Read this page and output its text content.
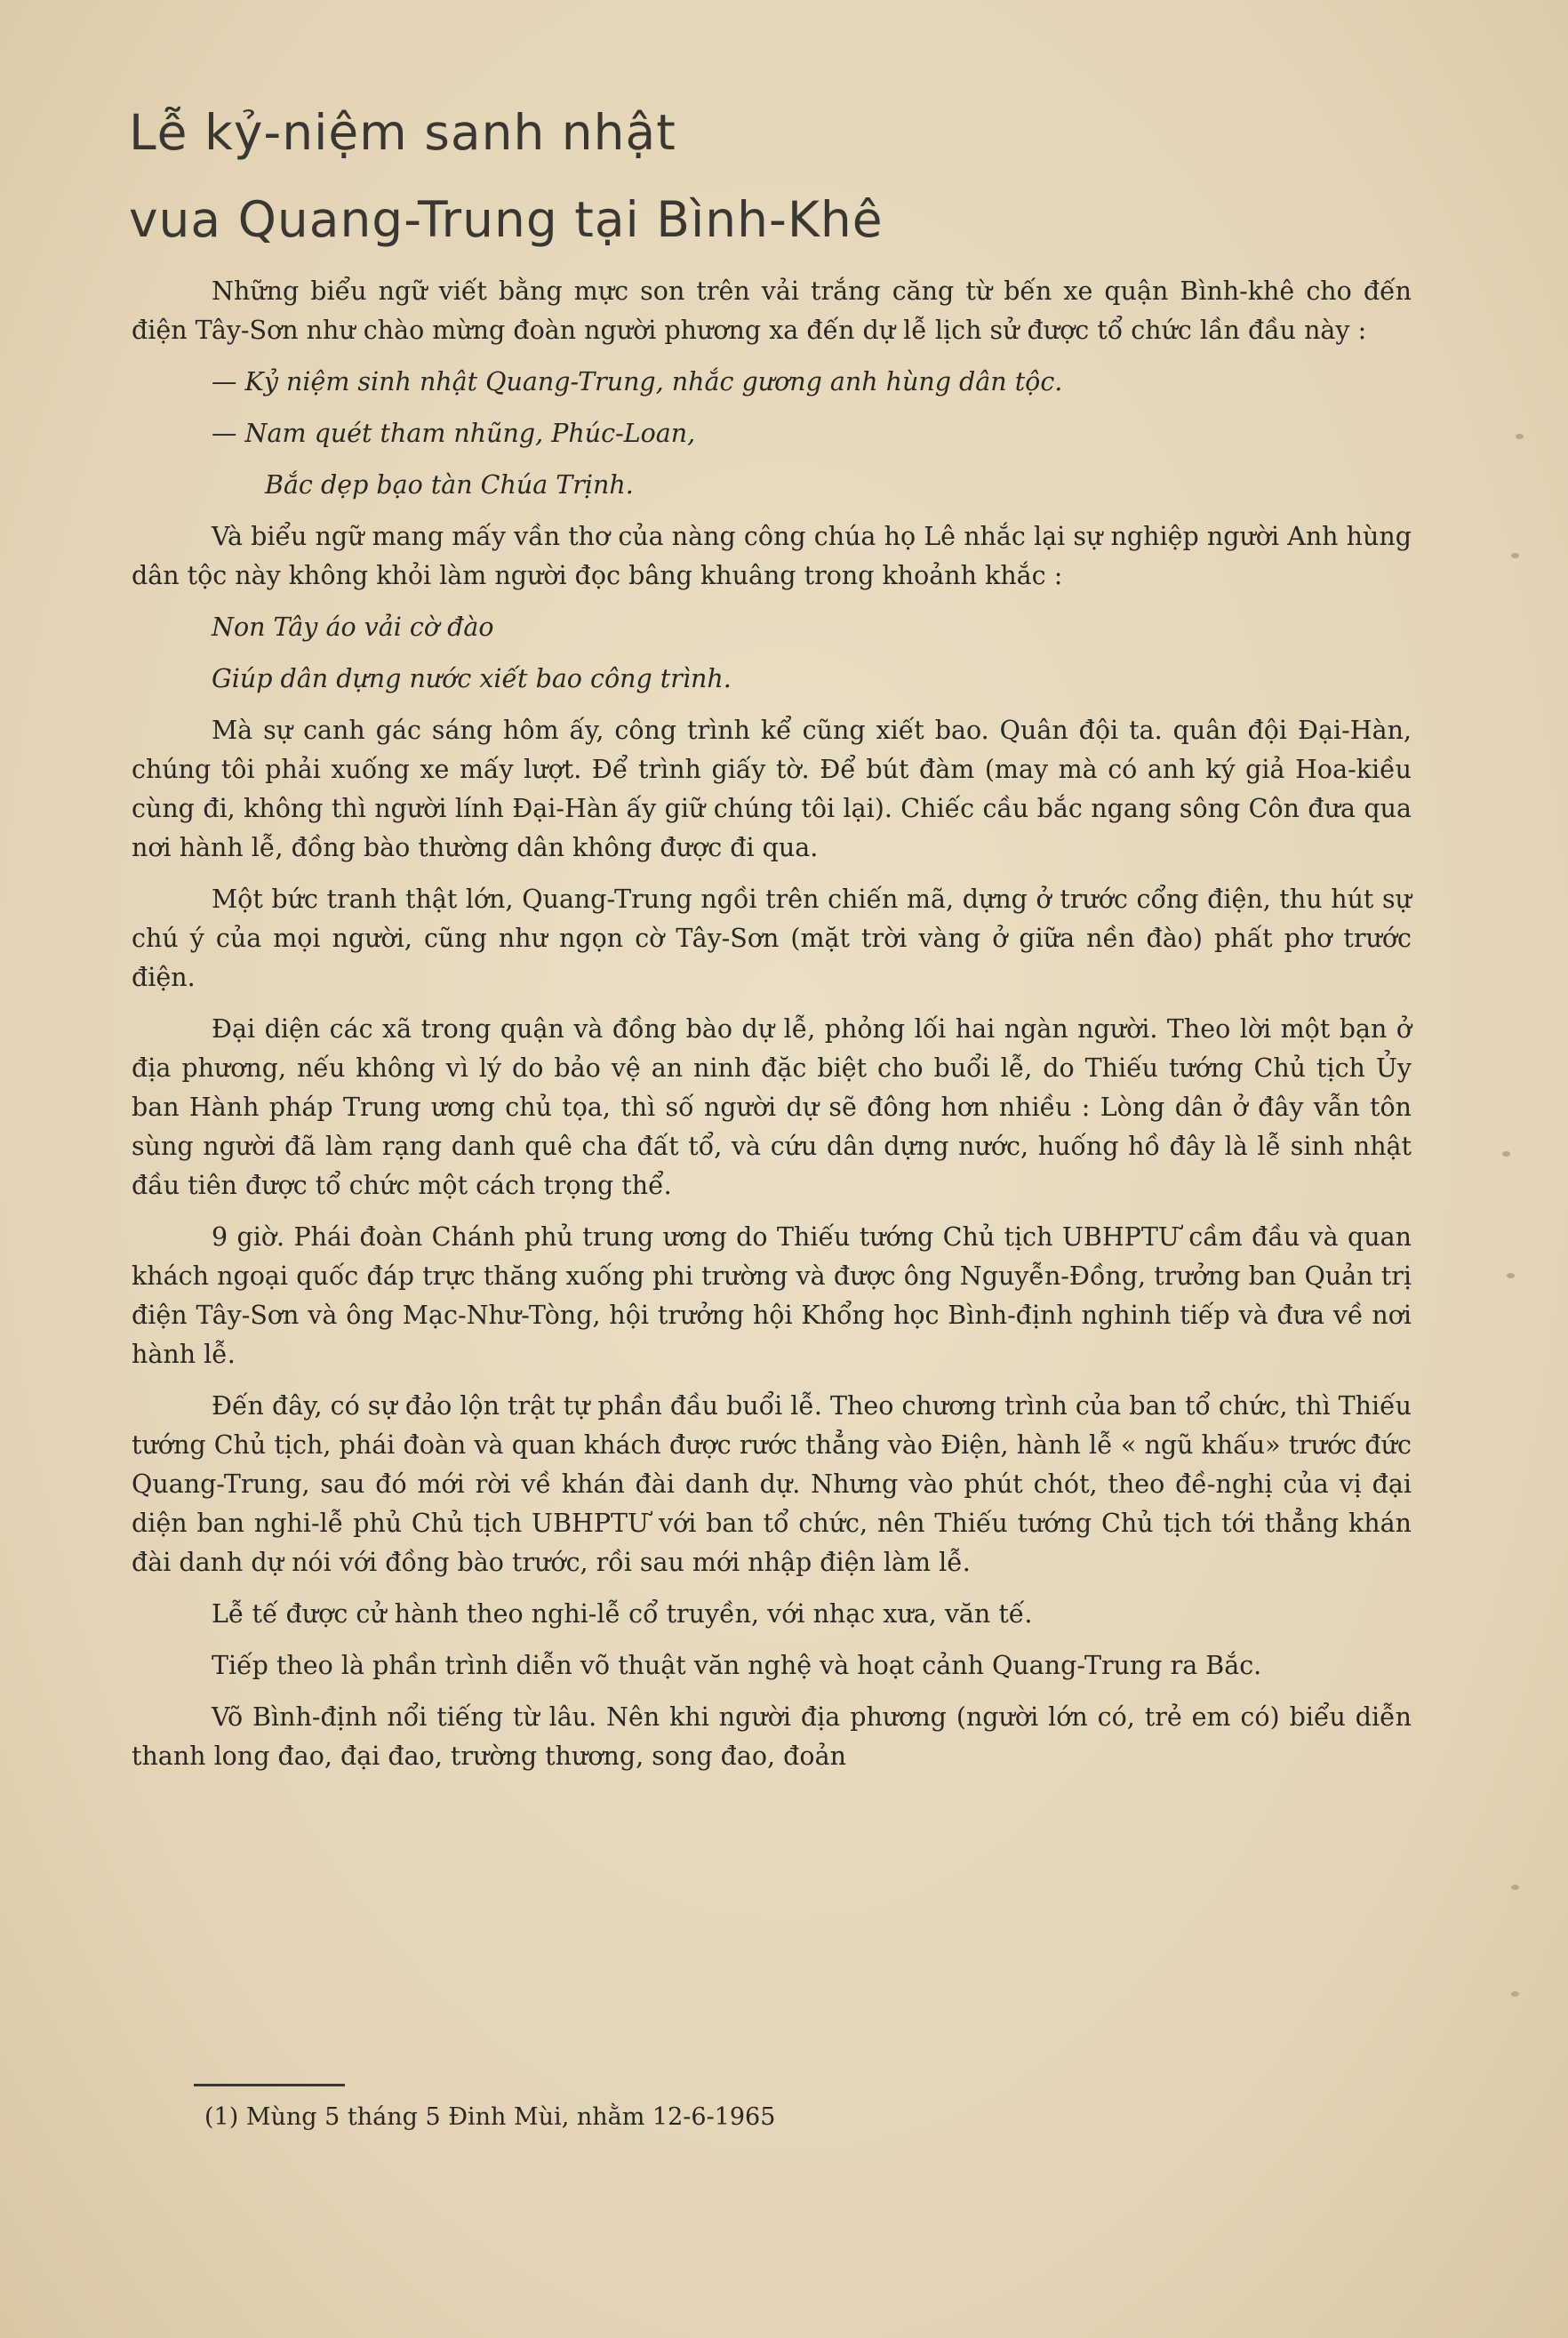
Lễ kỷ-niệm sanh nhật
vua Quang-Trung tại Bình-Khê

Những biểu ngữ viết bằng mực son trên vải trắng căng từ bến xe quận Bình-khê cho đến điện Tây-Sơn như chào mừng đoàn người phương xa đến dự lễ lịch sử được tổ chức lần đầu này :

— Kỷ niệm sinh nhật Quang-Trung, nhắc gương anh hùng dân tộc.

— Nam quét tham nhũng, Phúc-Loan,

Bắc dẹp bạo tàn Chúa Trịnh.

Và biểu ngữ mang mấy vần thơ của nàng công chúa họ Lê nhắc lại sự nghiệp người Anh hùng dân tộc này không khỏi làm người đọc bâng khuâng trong khoảnh khắc :

Non Tây áo vải cờ đào

Giúp dân dựng nước xiết bao công trình.

Mà sự canh gác sáng hôm ấy, công trình kể cũng xiết bao. Quân đội ta. quân đội Đại-Hàn, chúng tôi phải xuống xe mấy lượt. Để trình giấy tờ. Để bút đàm (may mà có anh ký giả Hoa-kiều cùng đi, không thì người lính Đại-Hàn ấy giữ chúng tôi lại). Chiếc cầu bắc ngang sông Côn đưa qua nơi hành lễ, đồng bào thường dân không được đi qua.

Một bức tranh thật lớn, Quang-Trung ngồi trên chiến mã, dựng ở trước cổng điện, thu hút sự chú ý của mọi người, cũng như ngọn cờ Tây-Sơn (mặt trời vàng ở giữa nền đào) phất phơ trước điện.

Đại diện các xã trong quận và đồng bào dự lễ, phỏng lối hai ngàn người. Theo lời một bạn ở địa phương, nếu không vì lý do bảo vệ an ninh đặc biệt cho buổi lễ, do Thiếu tướng Chủ tịch Ủy ban Hành pháp Trung ương chủ tọa, thì số người dự sẽ đông hơn nhiều : Lòng dân ở đây vẫn tôn sùng người đã làm rạng danh quê cha đất tổ, và cứu dân dựng nước, huống hồ đây là lễ sinh nhật đầu tiên được tổ chức một cách trọng thể.

9 giờ. Phái đoàn Chánh phủ trung ương do Thiếu tướng Chủ tịch UBHPTƯ cầm đầu và quan khách ngoại quốc đáp trực thăng xuống phi trường và được ông Nguyễn-Đồng, trưởng ban Quản trị điện Tây-Sơn và ông Mạc-Như-Tòng, hội trưởng hội Khổng học Bình-định nghinh tiếp và đưa về nơi hành lễ.

Đến đây, có sự đảo lộn trật tự phần đầu buổi lễ. Theo chương trình của ban tổ chức, thì Thiếu tướng Chủ tịch, phái đoàn và quan khách được rước thẳng vào Điện, hành lễ « ngũ khấu» trước đức Quang-Trung, sau đó mới rời về khán đài danh dự. Nhưng vào phút chót, theo đề-nghị của vị đại diện ban nghi-lễ phủ Chủ tịch UBHPTƯ với ban tổ chức, nên Thiếu tướng Chủ tịch tới thẳng khán đài danh dự nói với đồng bào trước, rồi sau mới nhập điện làm lễ.

Lễ tế được cử hành theo nghi-lễ cổ truyền, với nhạc xưa, văn tế.

Tiếp theo là phần trình diễn võ thuật văn nghệ và hoạt cảnh Quang-Trung ra Bắc.

Võ Bình-định nổi tiếng từ lâu. Nên khi người địa phương (người lớn có, trẻ em có) biểu diễn thanh long đao, đại đao, trường thương, song đao, đoản

(1) Mùng 5 tháng 5 Đinh Mùi, nhằm 12-6-1965
